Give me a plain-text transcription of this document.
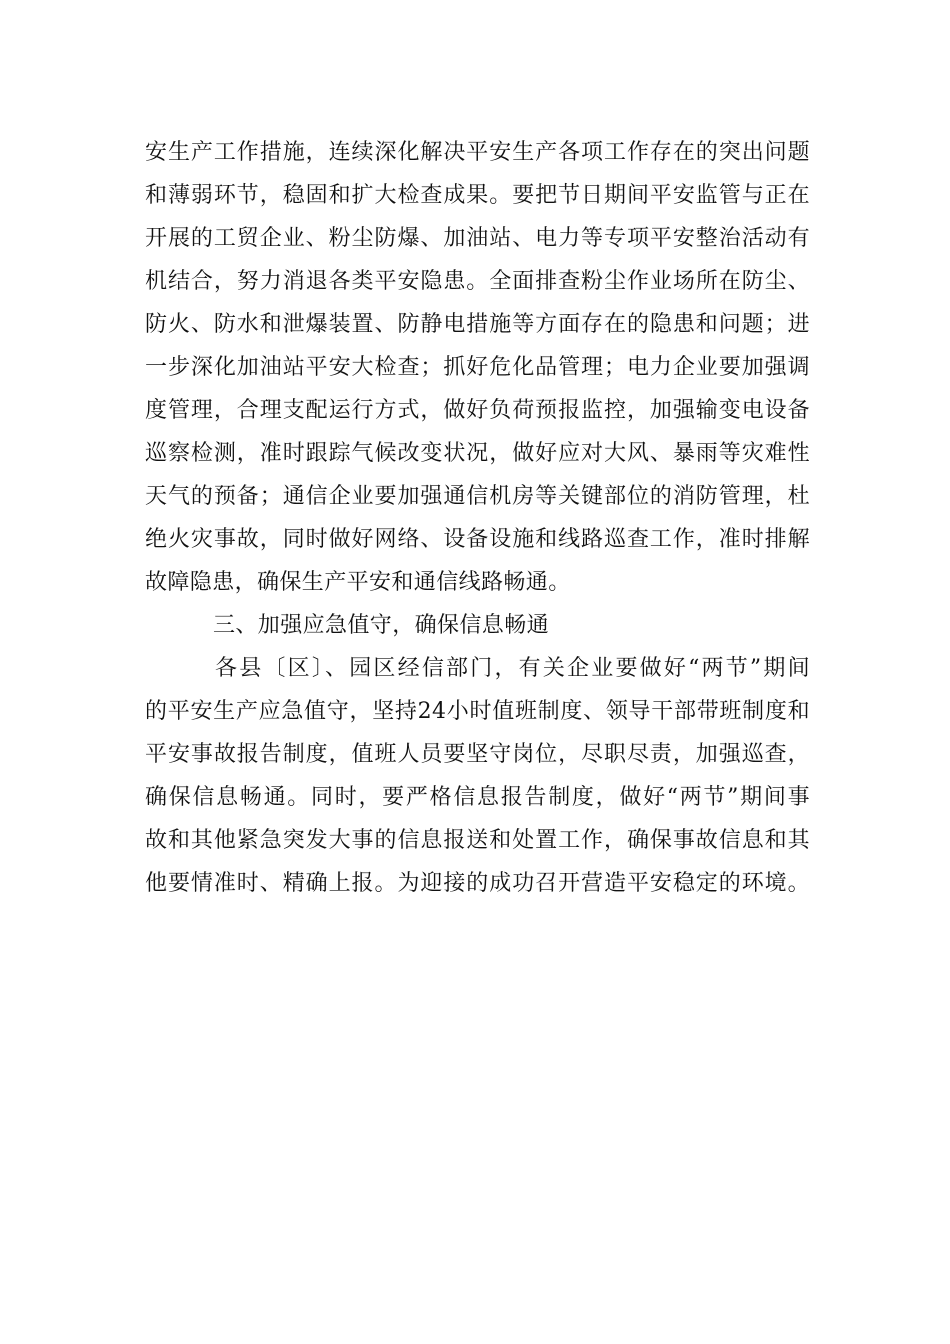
安生产工作措施，连续深化解决平安生产各项工作存在的突出问题
和薄弱环节，稳固和扩大检查成果。要把节日期间平安监管与正在
开展的工贸企业、粉尘防爆、加油站、电力等专项平安整治活动有
机结合，努力消退各类平安隐患。全面排查粉尘作业场所在防尘、
防火、防水和泄爆装置、防静电措施等方面存在的隐患和问题；进
一步深化加油站平安大检查；抓好危化品管理；电力企业要加强调
度管理，合理支配运行方式，做好负荷预报监控，加强输变电设备
巡察检测，准时跟踪气候改变状况，做好应对大风、暴雨等灾难性
天气的预备；通信企业要加强通信机房等关键部位的消防管理，杜
绝火灾事故，同时做好网络、设备设施和线路巡查工作，准时排解
故障隐患，确保生产平安和通信线路畅通。
三、加强应急值守，确保信息畅通
各县〔区〕、园区经信部门，有关企业要做好“两节”期间
的平安生产应急值守，坚持24小时值班制度、领导干部带班制度和
平安事故报告制度，值班人员要坚守岗位，尽职尽责，加强巡查，
确保信息畅通。同时，要严格信息报告制度，做好“两节”期间事
故和其他紧急突发大事的信息报送和处置工作，确保事故信息和其
他要情准时、精确上报。为迎接的成功召开营造平安稳定的环境。
